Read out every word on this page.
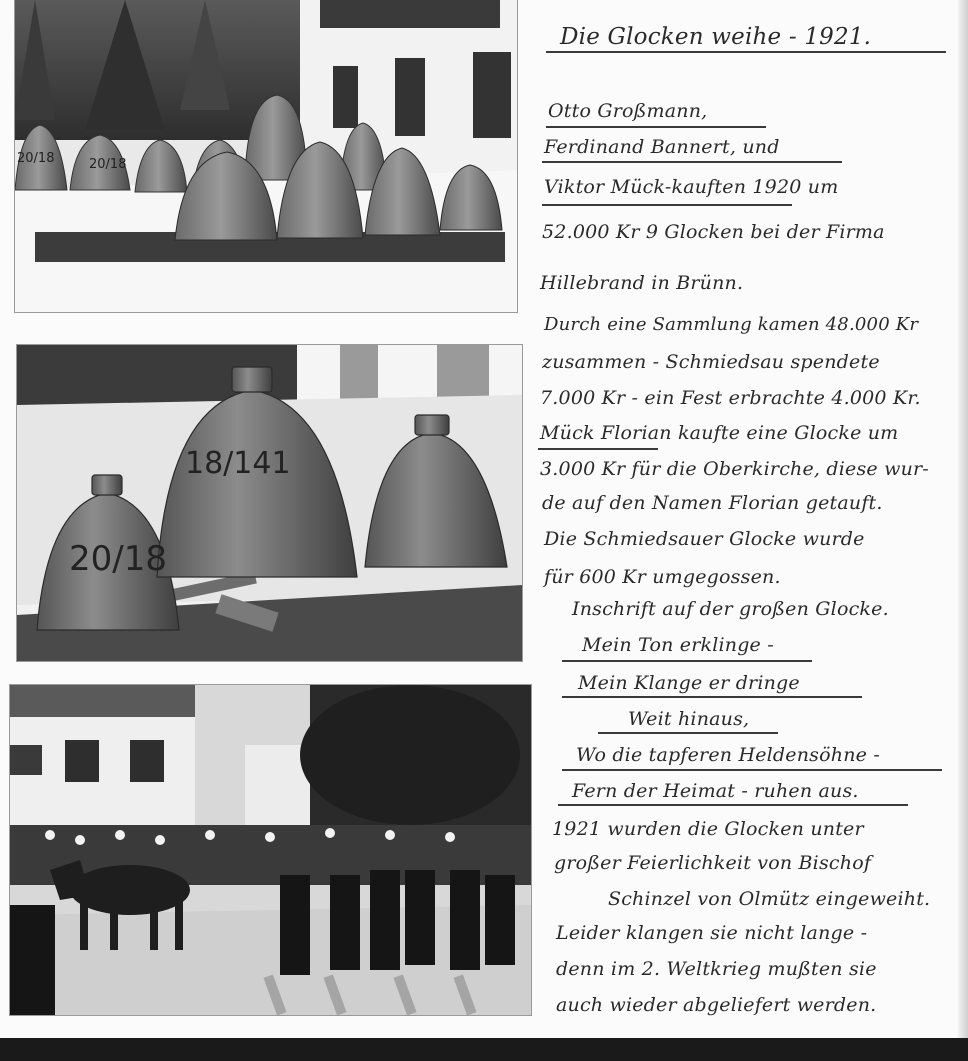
20/18	20/18
18/141
20/18
Die Glocken weihe - 1921.
Otto Großmann,
Ferdinand Bannert, und
Viktor Mück-kauften 1920 um
52.000 Kr 9 Glocken bei der Firma
Hillebrand in Brünn.
Durch eine Sammlung kamen 48.000 Kr
zusammen - Schmiedsau spendete
7.000 Kr - ein Fest erbrachte 4.000 Kr.
Mück Florian kaufte eine Glocke um
3.000 Kr für die Oberkirche, diese wur-
de auf den Namen Florian getauft.
Die Schmiedsauer Glocke wurde
für 600 Kr umgegossen.
Inschrift auf der großen Glocke.
Mein Ton erklinge -
Mein Klange er dringe
Weit hinaus,
Wo die tapferen Heldensöhne -
Fern der Heimat - ruhen aus.
1921 wurden die Glocken unter
großer Feierlichkeit von Bischof
Schinzel von Olmütz eingeweiht.
Leider klangen sie nicht lange -
denn im 2. Weltkrieg mußten sie
auch wieder abgeliefert werden.
